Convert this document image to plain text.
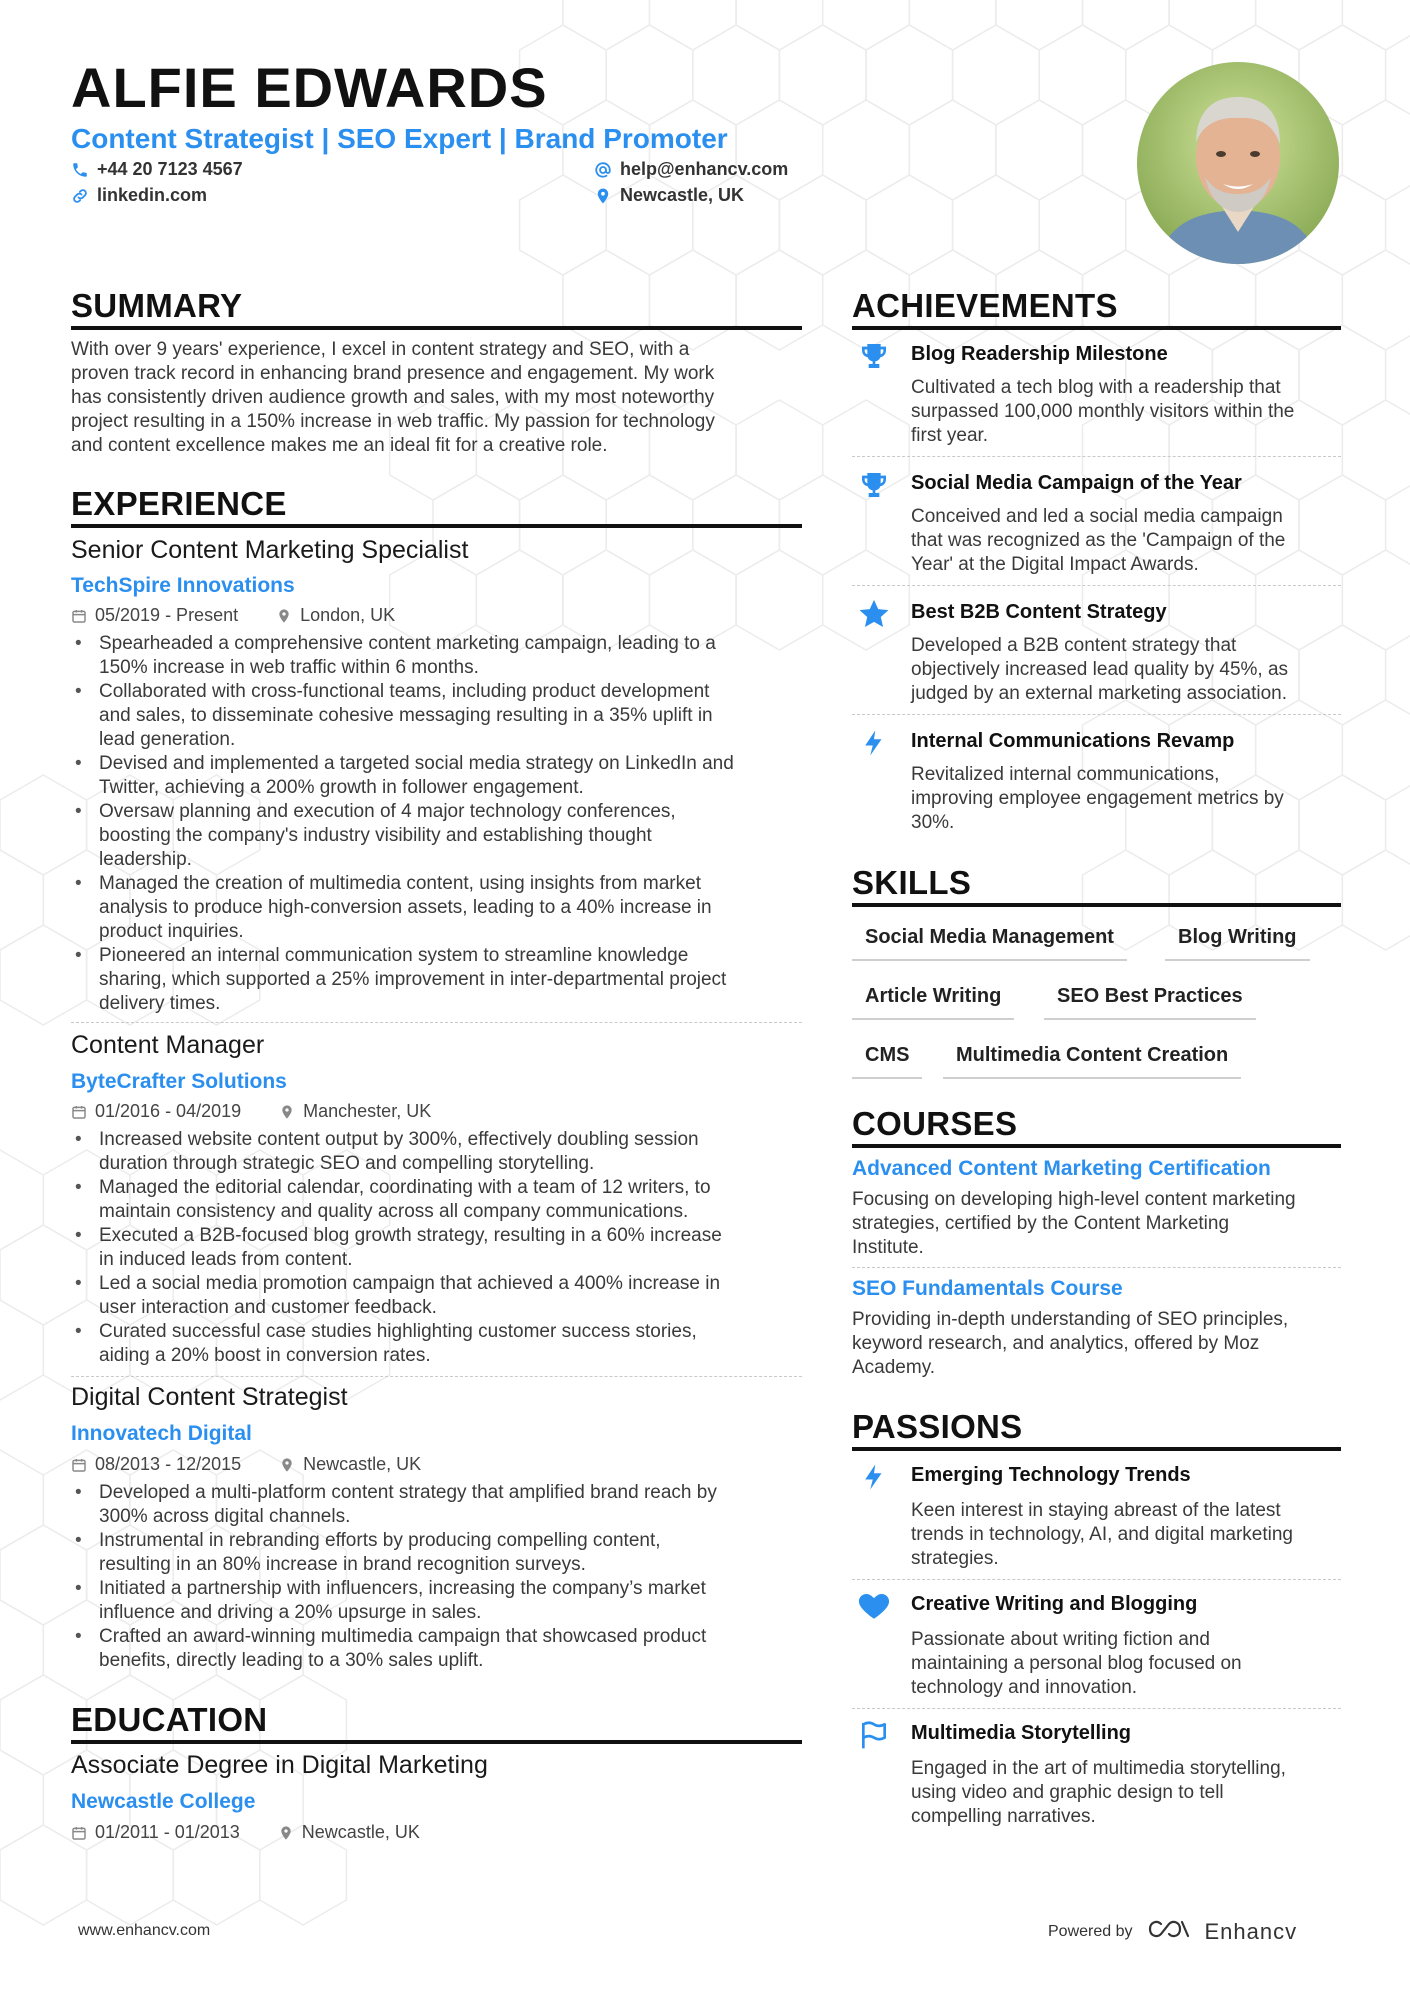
ALFIE EDWARDS
Content Strategist | SEO Expert | Brand Promoter
+44 20 7123 4567
linkedin.com
help@enhancv.com
Newcastle, UK
SUMMARY
With over 9 years' experience, I excel in content strategy and SEO, with a
proven track record in enhancing brand presence and engagement. My work
has consistently driven audience growth and sales, with my most noteworthy
project resulting in a 150% increase in web traffic. My passion for technology
and content excellence makes me an ideal fit for a creative role.
EXPERIENCE
Senior Content Marketing Specialist
TechSpire Innovations
05/2019 - Present	London, UK
• Spearheaded a comprehensive content marketing campaign, leading to a
150% increase in web traffic within 6 months.
• Collaborated with cross-functional teams, including product development
and sales, to disseminate cohesive messaging resulting in a 35% uplift in
lead generation.
• Devised and implemented a targeted social media strategy on LinkedIn and
Twitter, achieving a 200% growth in follower engagement.
• Oversaw planning and execution of 4 major technology conferences,
boosting the company's industry visibility and establishing thought
leadership.
• Managed the creation of multimedia content, using insights from market
analysis to produce high-conversion assets, leading to a 40% increase in
product inquiries.
• Pioneered an internal communication system to streamline knowledge
sharing, which supported a 25% improvement in inter-departmental project
delivery times.
Content Manager
ByteCrafter Solutions
01/2016 - 04/2019	Manchester, UK
• Increased website content output by 300%, effectively doubling session
duration through strategic SEO and compelling storytelling.
• Managed the editorial calendar, coordinating with a team of 12 writers, to
maintain consistency and quality across all company communications.
• Executed a B2B-focused blog growth strategy, resulting in a 60% increase
in induced leads from content.
• Led a social media promotion campaign that achieved a 400% increase in
user interaction and customer feedback.
• Curated successful case studies highlighting customer success stories,
aiding a 20% boost in conversion rates.
Digital Content Strategist
Innovatech Digital
08/2013 - 12/2015	Newcastle, UK
• Developed a multi-platform content strategy that amplified brand reach by
300% across digital channels.
• Instrumental in rebranding efforts by producing compelling content,
resulting in an 80% increase in brand recognition surveys.
• Initiated a partnership with influencers, increasing the company’s market
influence and driving a 20% upsurge in sales.
• Crafted an award-winning multimedia campaign that showcased product
benefits, directly leading to a 30% sales uplift.
EDUCATION
Associate Degree in Digital Marketing
Newcastle College
01/2011 - 01/2013	Newcastle, UK
ACHIEVEMENTS
Blog Readership Milestone
Cultivated a tech blog with a readership that
surpassed 100,000 monthly visitors within the
first year.
Social Media Campaign of the Year
Conceived and led a social media campaign
that was recognized as the 'Campaign of the
Year' at the Digital Impact Awards.
Best B2B Content Strategy
Developed a B2B content strategy that
objectively increased lead quality by 45%, as
judged by an external marketing association.
Internal Communications Revamp
Revitalized internal communications,
improving employee engagement metrics by
30%.
SKILLS
Social Media Management	Blog Writing
Article Writing	SEO Best Practices
CMS	Multimedia Content Creation
COURSES
Advanced Content Marketing Certification
Focusing on developing high-level content marketing
strategies, certified by the Content Marketing
Institute.
SEO Fundamentals Course
Providing in-depth understanding of SEO principles,
keyword research, and analytics, offered by Moz
Academy.
PASSIONS
Emerging Technology Trends
Keen interest in staying abreast of the latest
trends in technology, AI, and digital marketing
strategies.
Creative Writing and Blogging
Passionate about writing fiction and
maintaining a personal blog focused on
technology and innovation.
Multimedia Storytelling
Engaged in the art of multimedia storytelling,
using video and graphic design to tell
compelling narratives.
www.enhancv.com	Powered by	Enhancv
